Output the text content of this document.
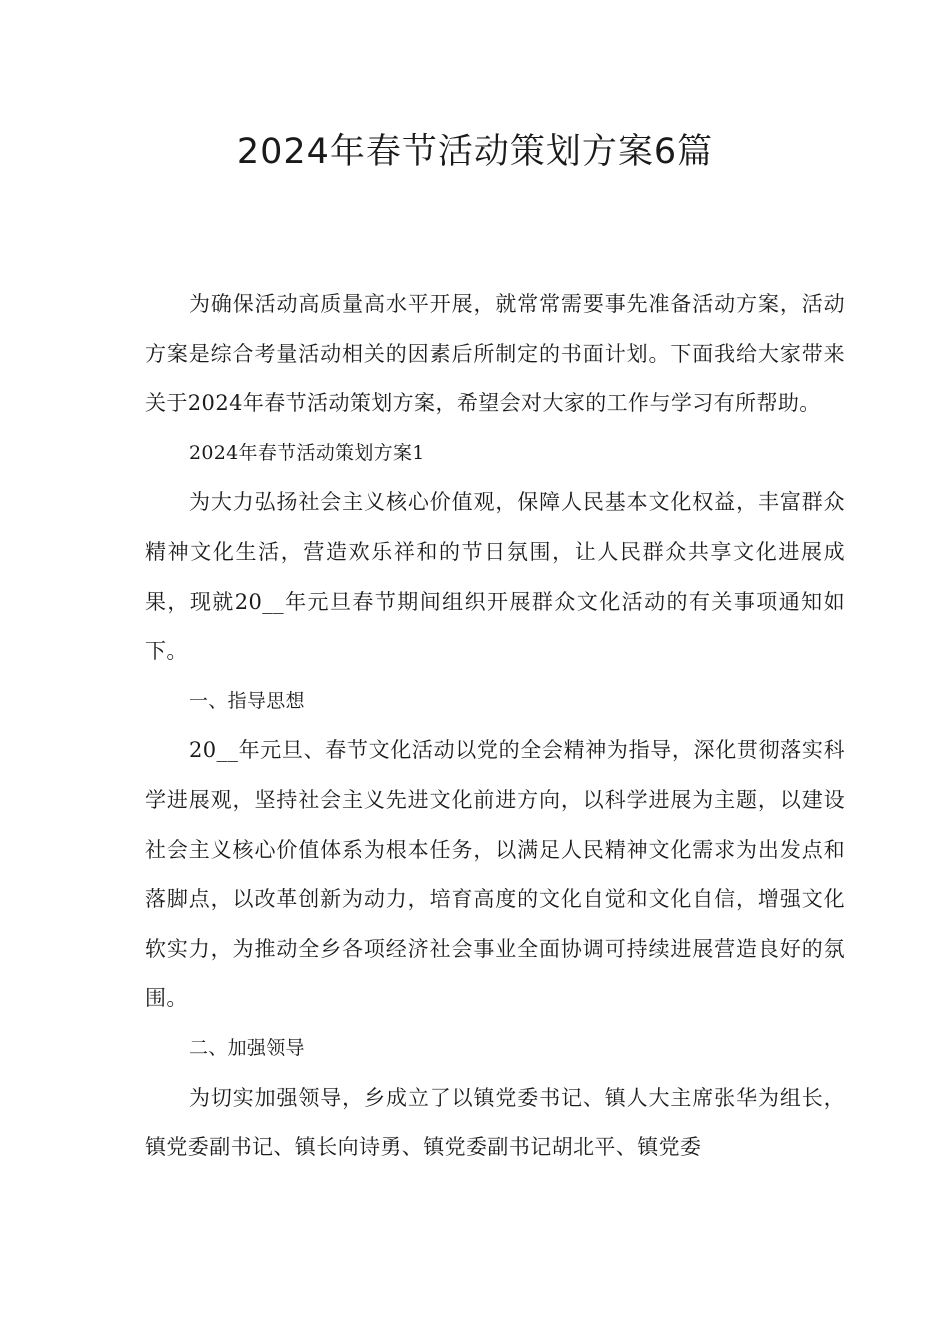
2024年春节活动策划方案6篇

为确保活动高质量高水平开展，就常常需要事先准备活动方案，活动方案是综合考量活动相关的因素后所制定的书面计划。下面我给大家带来关于2024年春节活动策划方案，希望会对大家的工作与学习有所帮助。

2024年春节活动策划方案1

为大力弘扬社会主义核心价值观，保障人民基本文化权益，丰富群众精神文化生活，营造欢乐祥和的节日氛围，让人民群众共享文化进展成果，现就20__年元旦春节期间组织开展群众文化活动的有关事项通知如下。

一、指导思想

20__年元旦、春节文化活动以党的全会精神为指导，深化贯彻落实科学进展观，坚持社会主义先进文化前进方向，以科学进展为主题，以建设社会主义核心价值体系为根本任务，以满足人民精神文化需求为出发点和落脚点，以改革创新为动力，培育高度的文化自觉和文化自信，增强文化软实力，为推动全乡各项经济社会事业全面协调可持续进展营造良好的氛围。

二、加强领导

为切实加强领导，乡成立了以镇党委书记、镇人大主席张华为组长，镇党委副书记、镇长向诗勇、镇党委副书记胡北平、镇党委
